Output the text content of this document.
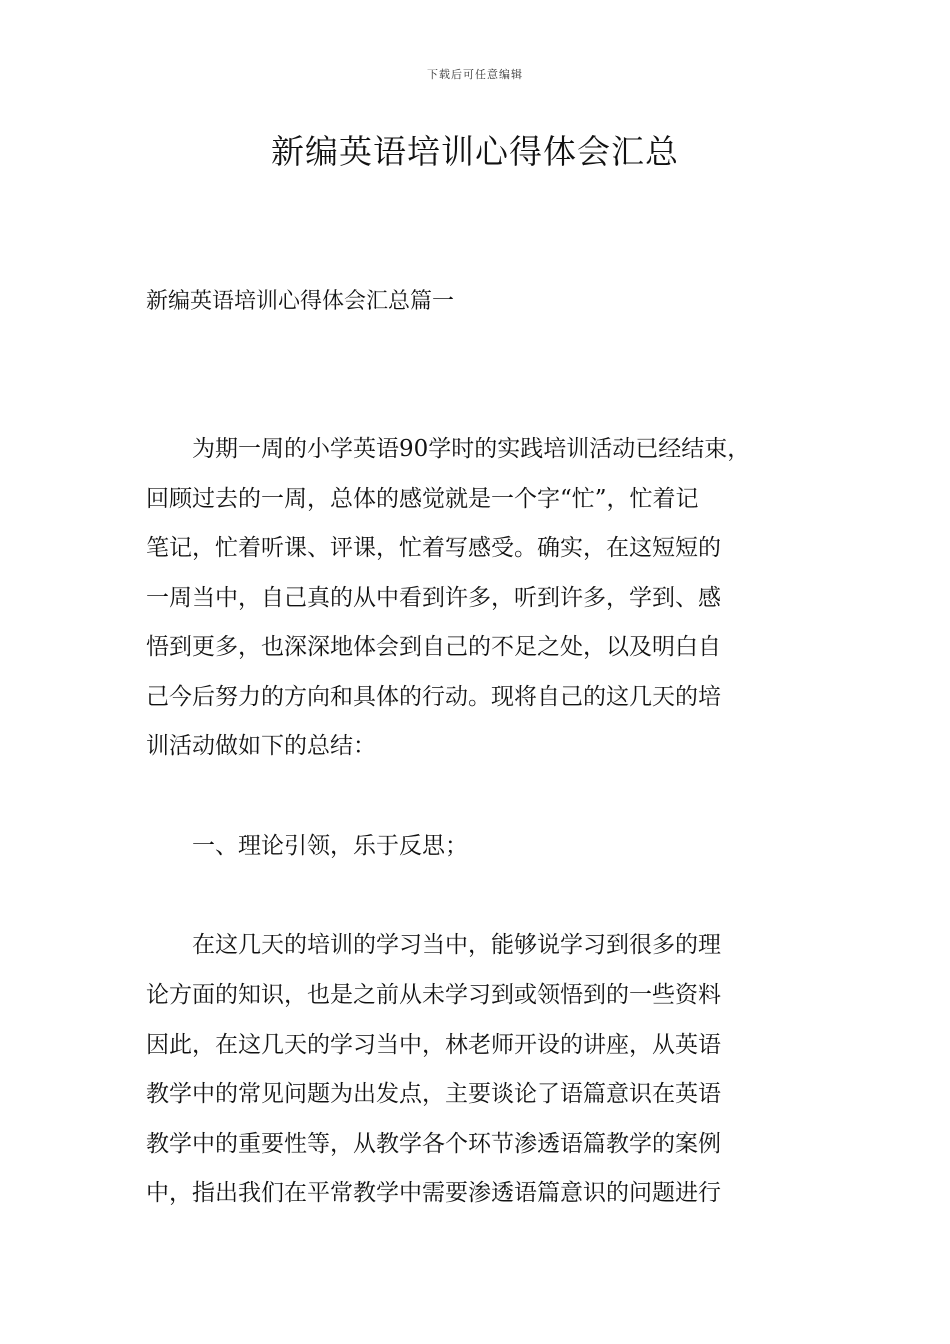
下载后可任意编辑
新编英语培训心得体会汇总
新编英语培训心得体会汇总篇一
　　为期一周的小学英语90学时的实践培训活动已经结束，
回顾过去的一周，总体的感觉就是一个字“忙”，忙着记
笔记，忙着听课、评课，忙着写感受。确实，在这短短的
一周当中，自己真的从中看到许多，听到许多，学到、感
悟到更多，也深深地体会到自己的不足之处，以及明白自
己今后努力的方向和具体的行动。现将自己的这几天的培
训活动做如下的总结：
　　一、理论引领，乐于反思；
　　在这几天的培训的学习当中，能够说学习到很多的理
论方面的知识，也是之前从未学习到或领悟到的一些资料
因此，在这几天的学习当中，林老师开设的讲座，从英语
教学中的常见问题为出发点，主要谈论了语篇意识在英语
教学中的重要性等，从教学各个环节渗透语篇教学的案例
中，指出我们在平常教学中需要渗透语篇意识的问题进行
